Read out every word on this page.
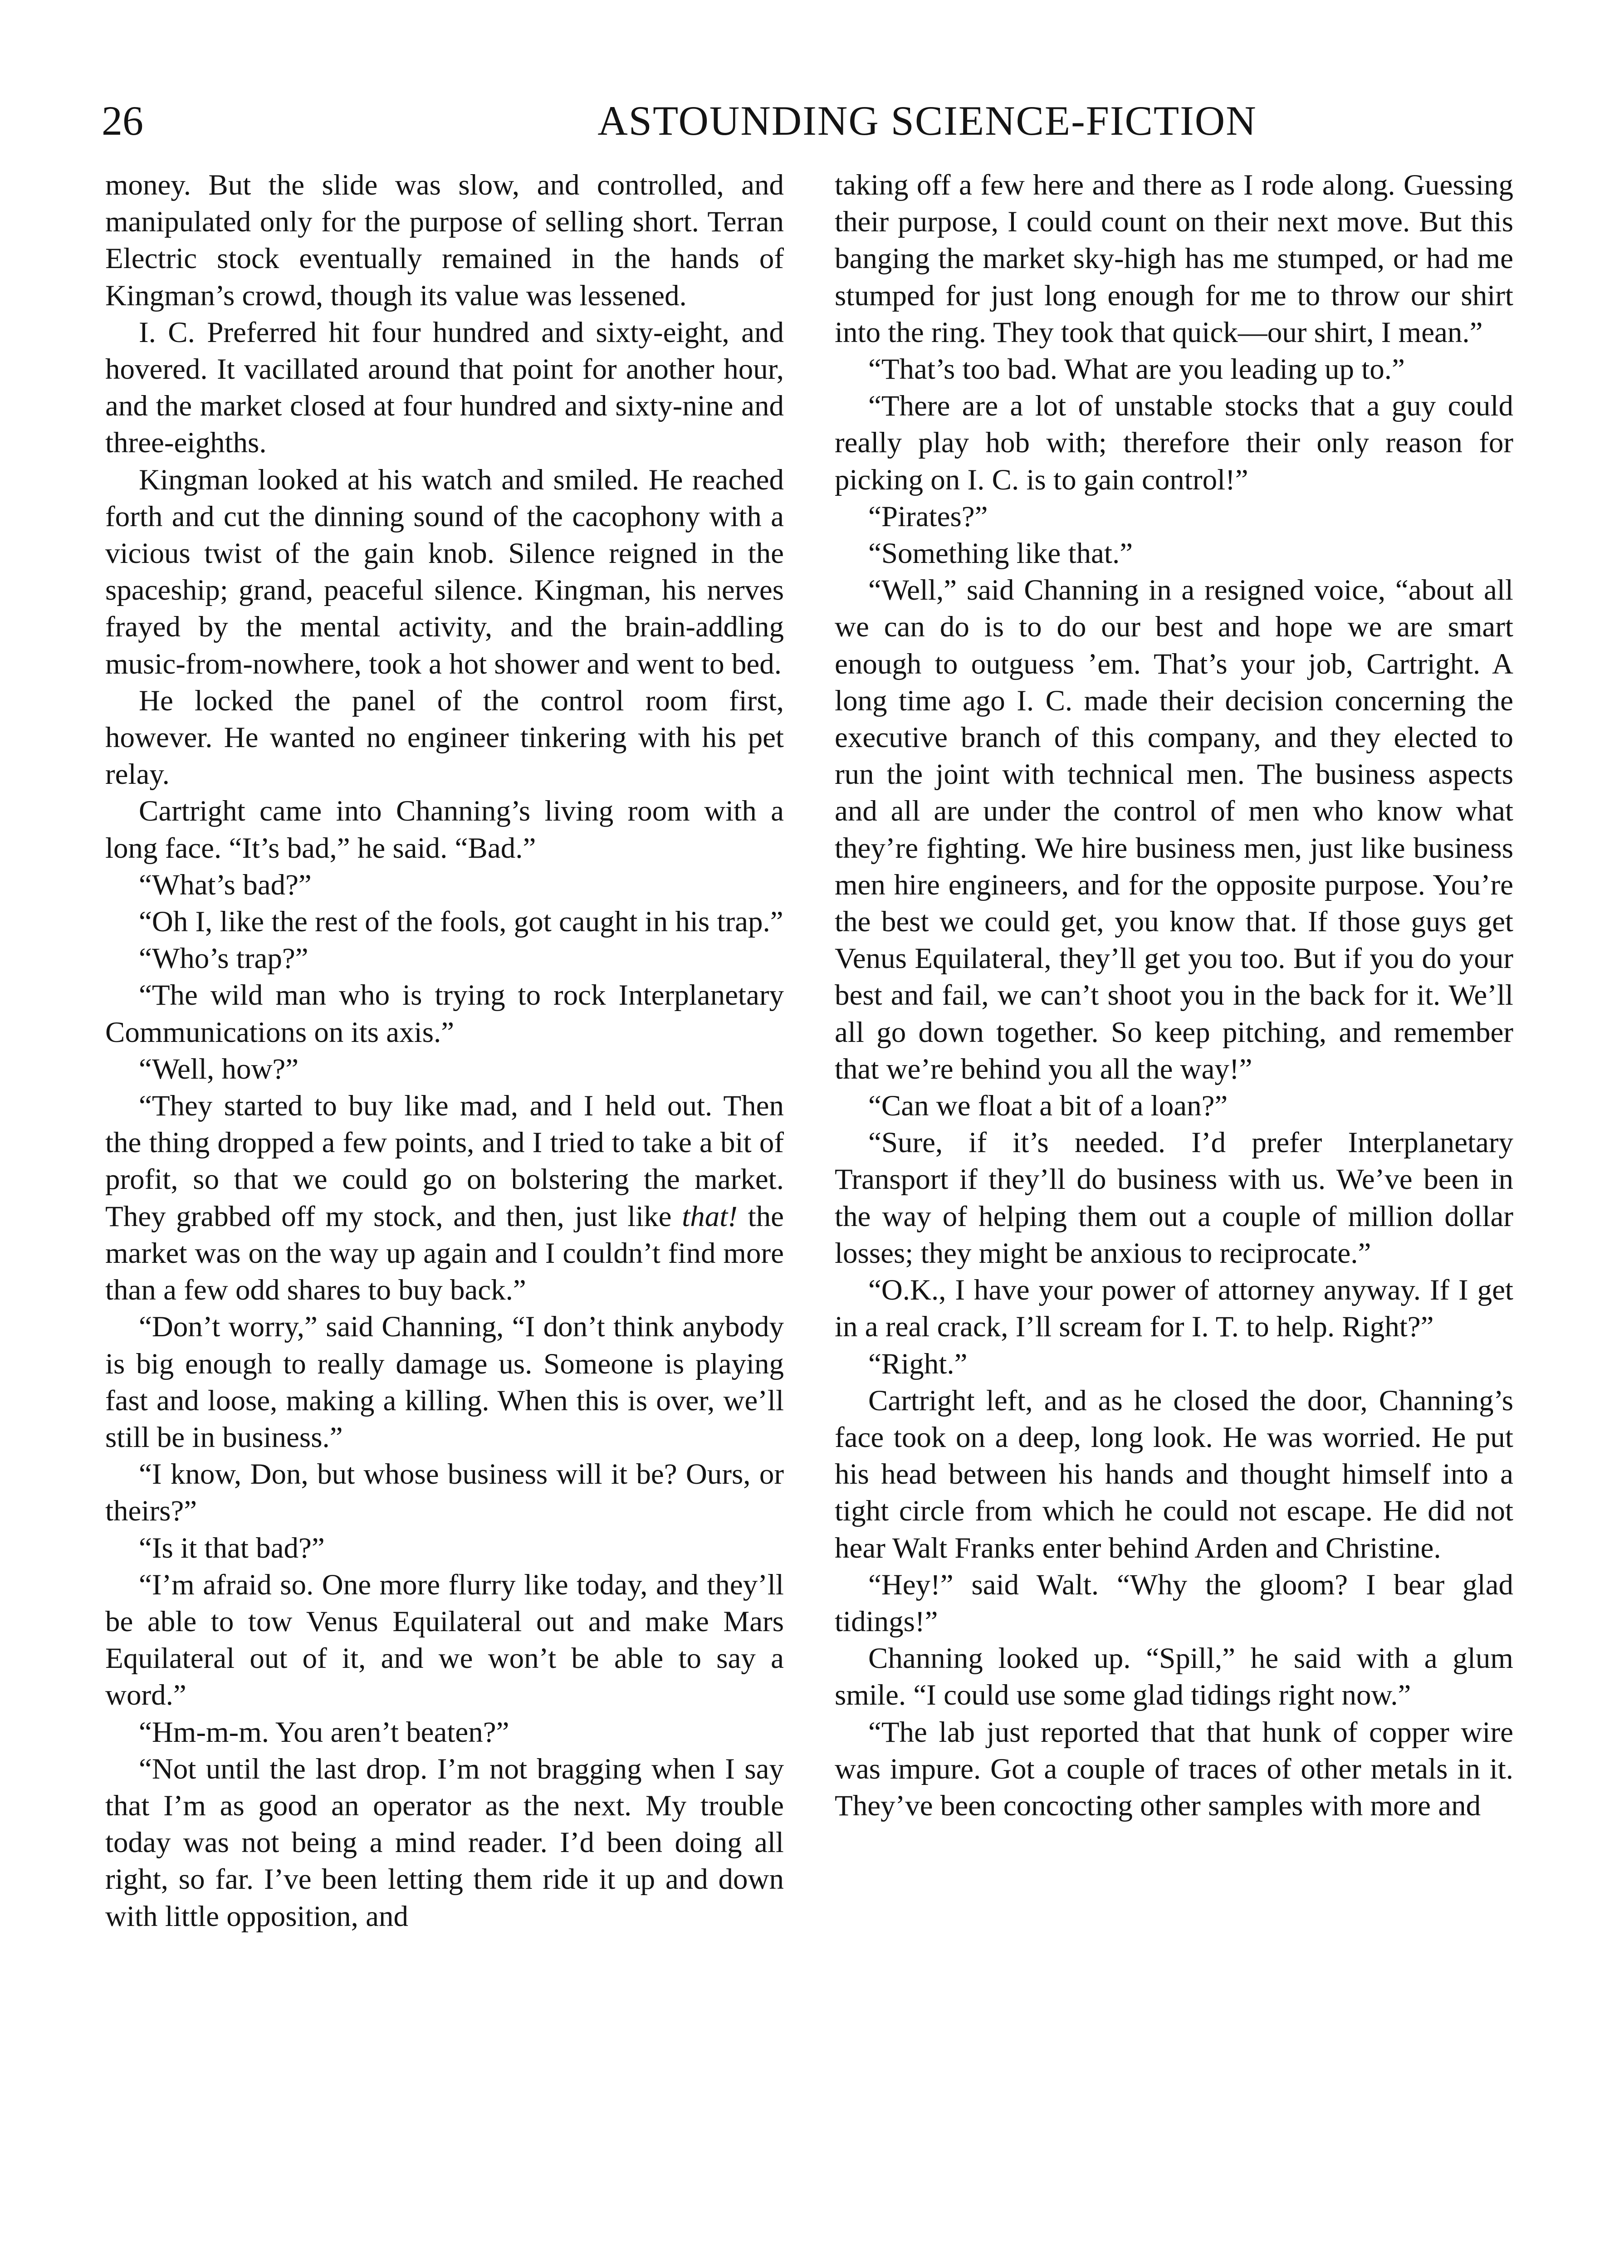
26	ASTOUNDING SCIENCE-FICTION

money. But the slide was slow, and controlled, and manipulated only for the purpose of selling short. Terran Electric stock eventually remained in the hands of Kingman’s crowd, though its value was lessened.

I. C. Preferred hit four hundred and sixty-eight, and hovered. It vacillated around that point for another hour, and the market closed at four hundred and sixty-nine and three-eighths.

Kingman looked at his watch and smiled. He reached forth and cut the dinning sound of the cacophony with a vicious twist of the gain knob. Silence reigned in the spaceship; grand, peaceful silence. Kingman, his nerves frayed by the mental activity, and the brain-addling music-from-nowhere, took a hot shower and went to bed.

He locked the panel of the control room first, however. He wanted no engineer tinkering with his pet relay.

Cartright came into Channing’s living room with a long face. “It’s bad,” he said. “Bad.”

“What’s bad?”

“Oh I, like the rest of the fools, got caught in his trap.”

“Who’s trap?”

“The wild man who is trying to rock Interplanetary Communications on its axis.”

“Well, how?”

“They started to buy like mad, and I held out. Then the thing dropped a few points, and I tried to take a bit of profit, so that we could go on bolstering the market. They grabbed off my stock, and then, just like that! the market was on the way up again and I couldn’t find more than a few odd shares to buy back.”

“Don’t worry,” said Channing, “I don’t think anybody is big enough to really damage us. Someone is playing fast and loose, making a killing. When this is over, we’ll still be in business.”

“I know, Don, but whose business will it be? Ours, or theirs?”

“Is it that bad?”

“I’m afraid so. One more flurry like today, and they’ll be able to tow Venus Equilateral out and make Mars Equilateral out of it, and we won’t be able to say a word.”

“Hm-m-m. You aren’t beaten?”

“Not until the last drop. I’m not bragging when I say that I’m as good an operator as the next. My trouble today was not being a mind reader. I’d been doing all right, so far. I’ve been letting them ride it up and down with little opposition, and

taking off a few here and there as I rode along. Guessing their purpose, I could count on their next move. But this banging the market sky-high has me stumped, or had me stumped for just long enough for me to throw our shirt into the ring. They took that quick—our shirt, I mean.”

“That’s too bad. What are you leading up to.”

“There are a lot of unstable stocks that a guy could really play hob with; therefore their only reason for picking on I. C. is to gain control!”

“Pirates?”

“Something like that.”

“Well,” said Channing in a resigned voice, “about all we can do is to do our best and hope we are smart enough to outguess ’em. That’s your job, Cartright. A long time ago I. C. made their decision concerning the executive branch of this company, and they elected to run the joint with technical men. The business aspects and all are under the control of men who know what they’re fighting. We hire business men, just like business men hire engineers, and for the opposite purpose. You’re the best we could get, you know that. If those guys get Venus Equilateral, they’ll get you too. But if you do your best and fail, we can’t shoot you in the back for it. We’ll all go down together. So keep pitching, and remember that we’re behind you all the way!”

“Can we float a bit of a loan?”

“Sure, if it’s needed. I’d prefer Interplanetary Transport if they’ll do business with us. We’ve been in the way of helping them out a couple of million dollar losses; they might be anxious to reciprocate.”

“O.K., I have your power of attorney anyway. If I get in a real crack, I’ll scream for I. T. to help. Right?”

“Right.”

Cartright left, and as he closed the door, Channing’s face took on a deep, long look. He was worried. He put his head between his hands and thought himself into a tight circle from which he could not escape. He did not hear Walt Franks enter behind Arden and Christine.

“Hey!” said Walt. “Why the gloom? I bear glad tidings!”

Channing looked up. “Spill,” he said with a glum smile. “I could use some glad tidings right now.”

“The lab just reported that that hunk of copper wire was impure. Got a couple of traces of other metals in it. They’ve been concocting other samples with more and
